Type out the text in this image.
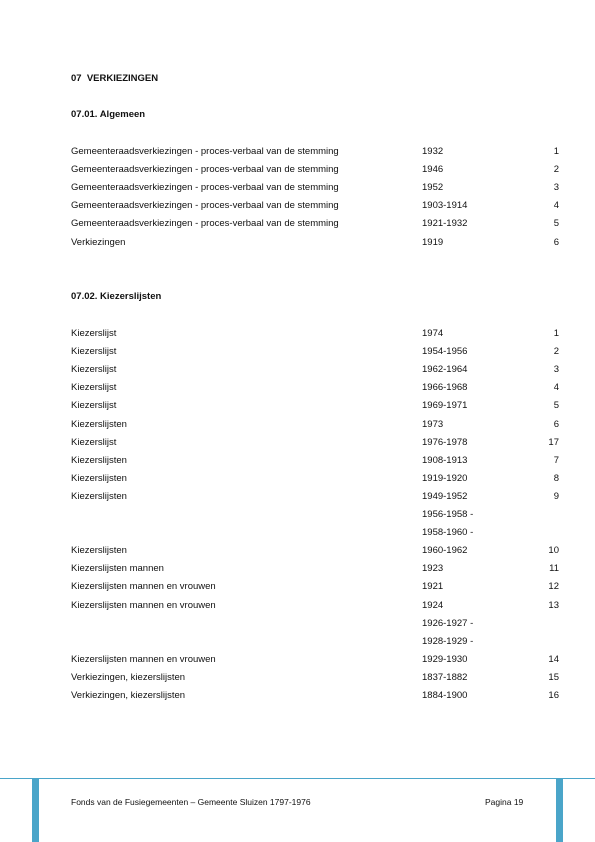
07  VERKIEZINGEN
07.01. Algemeen
07.02. Kiezerslijsten
Gemeenteraadsverkiezingen - proces-verbaal van de stemming	1932	1
Gemeenteraadsverkiezingen - proces-verbaal van de stemming	1946	2
Gemeenteraadsverkiezingen - proces-verbaal van de stemming	1952	3
Gemeenteraadsverkiezingen - proces-verbaal van de stemming	1903-1914	4
Gemeenteraadsverkiezingen - proces-verbaal van de stemming	1921-1932	5
Verkiezingen	1919	6
Kiezerslijst	1974	1
Kiezerslijst	1954-1956	2
Kiezerslijst	1962-1964	3
Kiezerslijst	1966-1968	4
Kiezerslijst	1969-1971	5
Kiezerslijsten	1973	6
Kiezerslijst	1976-1978	17
Kiezerslijsten	1908-1913	7
Kiezerslijsten	1919-1920	8
Kiezerslijsten	1949-1952	9
1956-1958 -
1958-1960 -
Kiezerslijsten	1960-1962	10
Kiezerslijsten mannen	1923	11
Kiezerslijsten mannen en vrouwen	1921	12
Kiezerslijsten mannen en vrouwen	1924	13
1926-1927 -
1928-1929 -
Kiezerslijsten mannen en vrouwen	1929-1930	14
Verkiezingen, kiezerslijsten	1837-1882	15
Verkiezingen, kiezerslijsten	1884-1900	16
Fonds van de Fusiegemeenten – Gemeente Sluizen 1797-1976	Pagina 19
